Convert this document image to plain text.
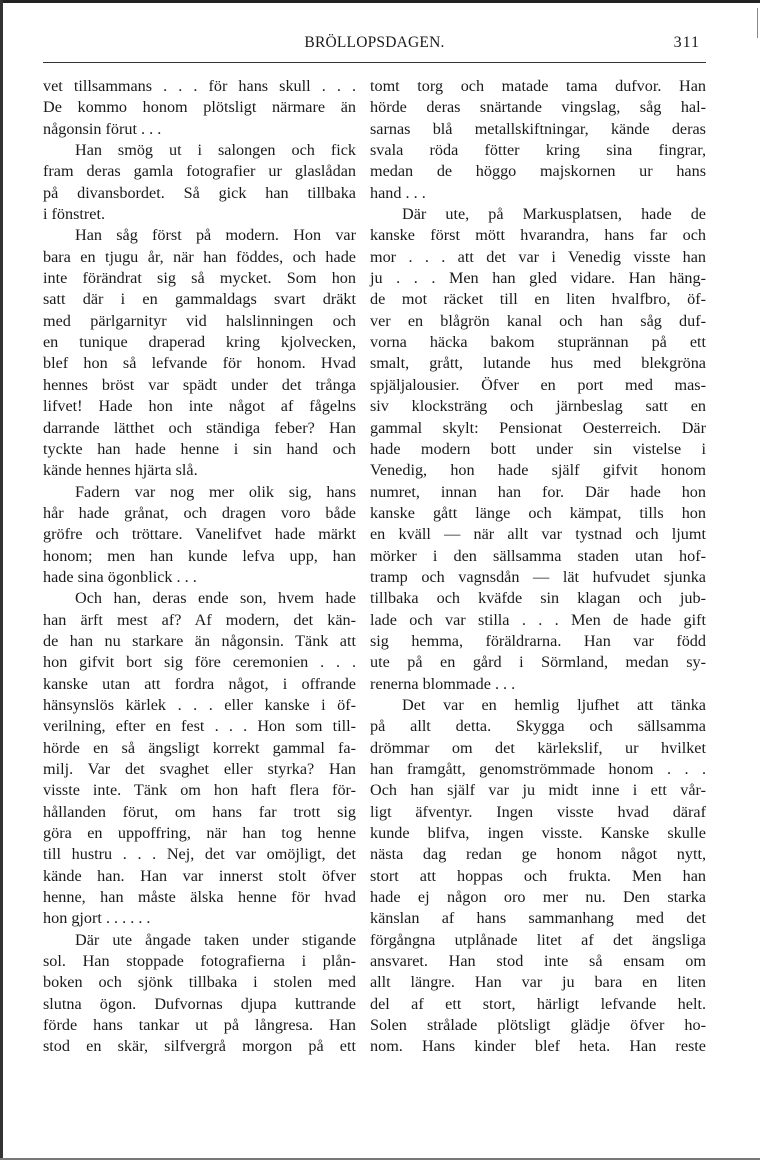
BRÖLLOPSDAGEN.	311
vet tillsammans . . . för hans skull . . .
De kommo honom plötsligt närmare än
någonsin förut . . .
Han smög ut i salongen och fick
fram deras gamla fotografier ur glaslådan
på divansbordet. Så gick han tillbaka
i fönstret.
Han såg först på modern. Hon var
bara en tjugu år, när han föddes, och hade
inte förändrat sig så mycket. Som hon
satt där i en gammaldags svart dräkt
med pärlgarnityr vid halslinningen och
en tunique draperad kring kjolvecken,
blef hon så lefvande för honom. Hvad
hennes bröst var spädt under det trånga
lifvet! Hade hon inte något af fågelns
darrande lätthet och ständiga feber? Han
tyckte han hade henne i sin hand och
kände hennes hjärta slå.
Fadern var nog mer olik sig, hans
hår hade grånat, och dragen voro både
gröfre och tröttare. Vanelifvet hade märkt
honom; men han kunde lefva upp, han
hade sina ögonblick . . .
Och han, deras ende son, hvem hade
han ärft mest af? Af modern, det kän-
de han nu starkare än någonsin. Tänk att
hon gifvit bort sig före ceremonien . . .
kanske utan att fordra något, i offrande
hänsynslös kärlek . . . eller kanske i öf-
verilning, efter en fest . . . Hon som till-
hörde en så ängsligt korrekt gammal fa-
milj. Var det svaghet eller styrka? Han
visste inte. Tänk om hon haft flera för-
hållanden förut, om hans far trott sig
göra en uppoffring, när han tog henne
till hustru . . . Nej, det var omöjligt, det
kände han. Han var innerst stolt öfver
henne, han måste älska henne för hvad
hon gjort . . . . . .
Där ute ångade taken under stigande
sol. Han stoppade fotografierna i plån-
boken och sjönk tillbaka i stolen med
slutna ögon. Dufvornas djupa kuttrande
förde hans tankar ut på långresa. Han
stod en skär, silfvergrå morgon på ett
tomt torg och matade tama dufvor. Han
hörde deras snärtande vingslag, såg hal-
sarnas blå metallskiftningar, kände deras
svala röda fötter kring sina fingrar,
medan de höggo majskornen ur hans
hand . . .
Där ute, på Markusplatsen, hade de
kanske först mött hvarandra, hans far och
mor . . . att det var i Venedig visste han
ju . . . Men han gled vidare. Han häng-
de mot räcket till en liten hvalfbro, öf-
ver en blågrön kanal och han såg duf-
vorna häcka bakom stuprännan på ett
smalt, grått, lutande hus med blekgröna
spjäljalousier. Öfver en port med mas-
siv klocksträng och järnbeslag satt en
gammal skylt: Pensionat Oesterreich. Där
hade modern bott under sin vistelse i
Venedig, hon hade själf gifvit honom
numret, innan han for. Där hade hon
kanske gått länge och kämpat, tills hon
en kväll — när allt var tystnad och ljumt
mörker i den sällsamma staden utan hof-
tramp och vagnsdån — lät hufvudet sjunka
tillbaka och kväfde sin klagan och jub-
lade och var stilla . . . Men de hade gift
sig hemma, föräldrarna. Han var född
ute på en gård i Sörmland, medan sy-
renerna blommade . . .
Det var en hemlig ljufhet att tänka
på allt detta. Skygga och sällsamma
drömmar om det kärlekslif, ur hvilket
han framgått, genomströmmade honom . . .
Och han själf var ju midt inne i ett vår-
ligt äfventyr. Ingen visste hvad däraf
kunde blifva, ingen visste. Kanske skulle
nästa dag redan ge honom något nytt,
stort att hoppas och frukta. Men han
hade ej någon oro mer nu. Den starka
känslan af hans sammanhang med det
förgångna utplånade litet af det ängsliga
ansvaret. Han stod inte så ensam om
allt längre. Han var ju bara en liten
del af ett stort, härligt lefvande helt.
Solen strålade plötsligt glädje öfver ho-
nom. Hans kinder blef heta. Han reste
